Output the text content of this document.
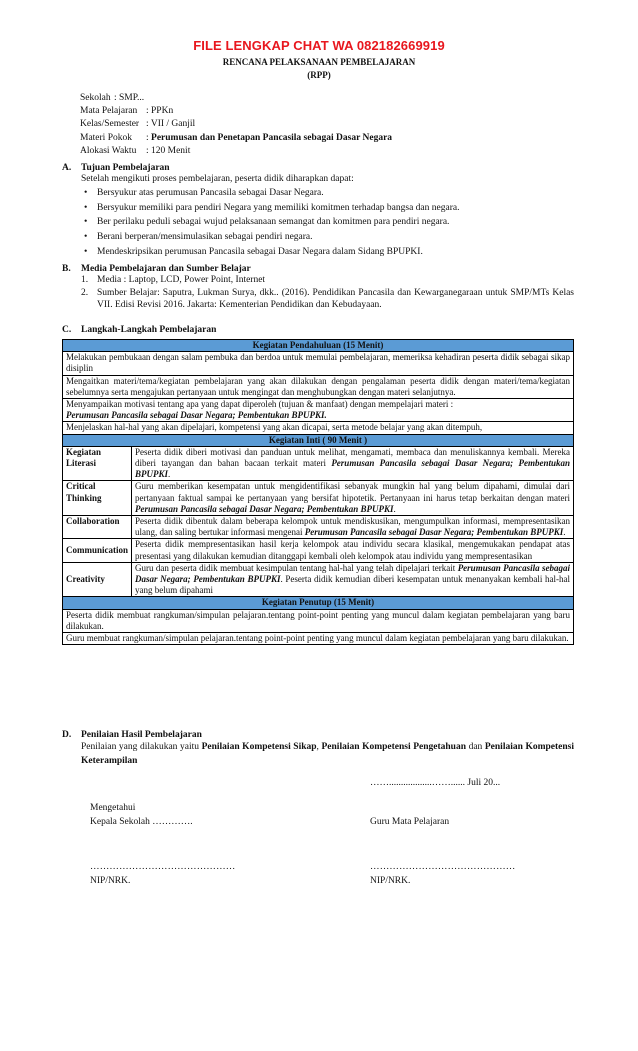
FILE LENGKAP CHAT WA 082182669919
RENCANA PELAKSANAAN PEMBELAJARAN
(RPP)
Sekolah : SMP...
Mata Pelajaran : PPKn
Kelas/Semester : VII / Ganjil
Materi Pokok	: Perumusan dan Penetapan Pancasila sebagai Dasar Negara
Alokasi Waktu	: 120 Menit
A.	Tujuan Pembelajaran
Setelah mengikuti proses pembelajaran, peserta didik diharapkan dapat:
•	Bersyukur atas perumusan Pancasila sebagai Dasar Negara.
•	Bersyukur memiliki para pendiri Negara yang memiliki komitmen terhadap bangsa dan negara.
•	Ber perilaku peduli sebagai wujud pelaksanaan semangat dan komitmen para pendiri negara.
•	Berani berperan/mensimulasikan sebagai pendiri negara.
•	Mendeskripsikan perumusan Pancasila sebagai Dasar Negara dalam Sidang BPUPKI.
B.	Media Pembelajaran dan Sumber Belajar
1. Media : Laptop, LCD, Power Point, Internet
2. Sumber Belajar: Saputra, Lukman Surya, dkk.. (2016). Pendidikan Pancasila dan Kewarganegaraan untuk SMP/MTs Kelas VII. Edisi Revisi 2016. Jakarta: Kementerian Pendidikan dan Kebudayaan.
C.	Langkah-Langkah Pembelajaran
Kegiatan Pendahuluan (15 Menit)	
Melakukan pembukaan dengan salam pembuka dan berdoa untuk memulai pembelajaran, memeriksa kehadiran peserta didik sebagai sikap disiplin	
Mengaitkan materi/tema/kegiatan pembelajaran yang akan dilakukan dengan pengalaman peserta didik dengan materi/tema/kegiatan sebelumnya serta mengajukan pertanyaan untuk mengingat dan menghubungkan dengan materi selanjutnya.	
Menyampaikan motivasi tentang apa yang dapat diperoleh (tujuan & manfaat) dengan mempelajari materi :
Perumusan Pancasila sebagai Dasar Negara; Pembentukan BPUPKI.	
Menjelaskan hal-hal yang akan dipelajari, kompetensi yang akan dicapai, serta metode belajar yang akan ditempuh,	
Kegiatan Inti ( 90 Menit )	
Kegiatan
Literasi	Peserta didik diberi motivasi dan panduan untuk melihat, mengamati, membaca dan menuliskannya kembali. Mereka diberi tayangan dan bahan bacaan terkait materi Perumusan Pancasila sebagai Dasar Negara; Pembentukan BPUPKI.
Critical
Thinking	Guru memberikan kesempatan untuk mengidentifikasi sebanyak mungkin hal yang belum dipahami, dimulai dari pertanyaan faktual sampai ke pertanyaan yang bersifat hipotetik. Pertanyaan ini harus tetap berkaitan dengan materi Perumusan Pancasila sebagai Dasar Negara; Pembentukan BPUPKI.
Collaboration	Peserta didik dibentuk dalam beberapa kelompok untuk mendiskusikan, mengumpulkan informasi, mempresentasikan ulang, dan saling bertukar informasi mengenai Perumusan Pancasila sebagai Dasar Negara; Pembentukan BPUPKI.
Communication	Peserta didik mempresentasikan hasil kerja kelompok atau individu secara klasikal, mengemukakan pendapat atas presentasi yang dilakukan kemudian ditanggapi kembali oleh kelompok atau individu yang mempresentasikan
Creativity	Guru dan peserta didik membuat kesimpulan tentang hal-hal yang telah dipelajari terkait Perumusan Pancasila sebagai Dasar Negara; Pembentukan BPUPKI. Peserta didik kemudian diberi kesempatan untuk menanyakan kembali hal-hal yang belum dipahami
Kegiatan Penutup (15 Menit)	
Peserta didik membuat rangkuman/simpulan pelajaran.tentang point-point penting yang muncul dalam kegiatan pembelajaran yang baru dilakukan.	
Guru membuat rangkuman/simpulan pelajaran.tentang point-point penting yang muncul dalam kegiatan pembelajaran yang baru dilakukan.	
D.	Penilaian Hasil Pembelajaran
Penilaian yang dilakukan yaitu Penilaian Kompetensi Sikap, Penilaian Kompetensi Pengetahuan dan Penilaian Kompetensi Keterampilan
……..................……...... Juli 20...
Mengetahui
Kepala Sekolah ………….	Guru Mata Pelajaran
………………………………………	………………………………………
NIP/NRK.	NIP/NRK.
